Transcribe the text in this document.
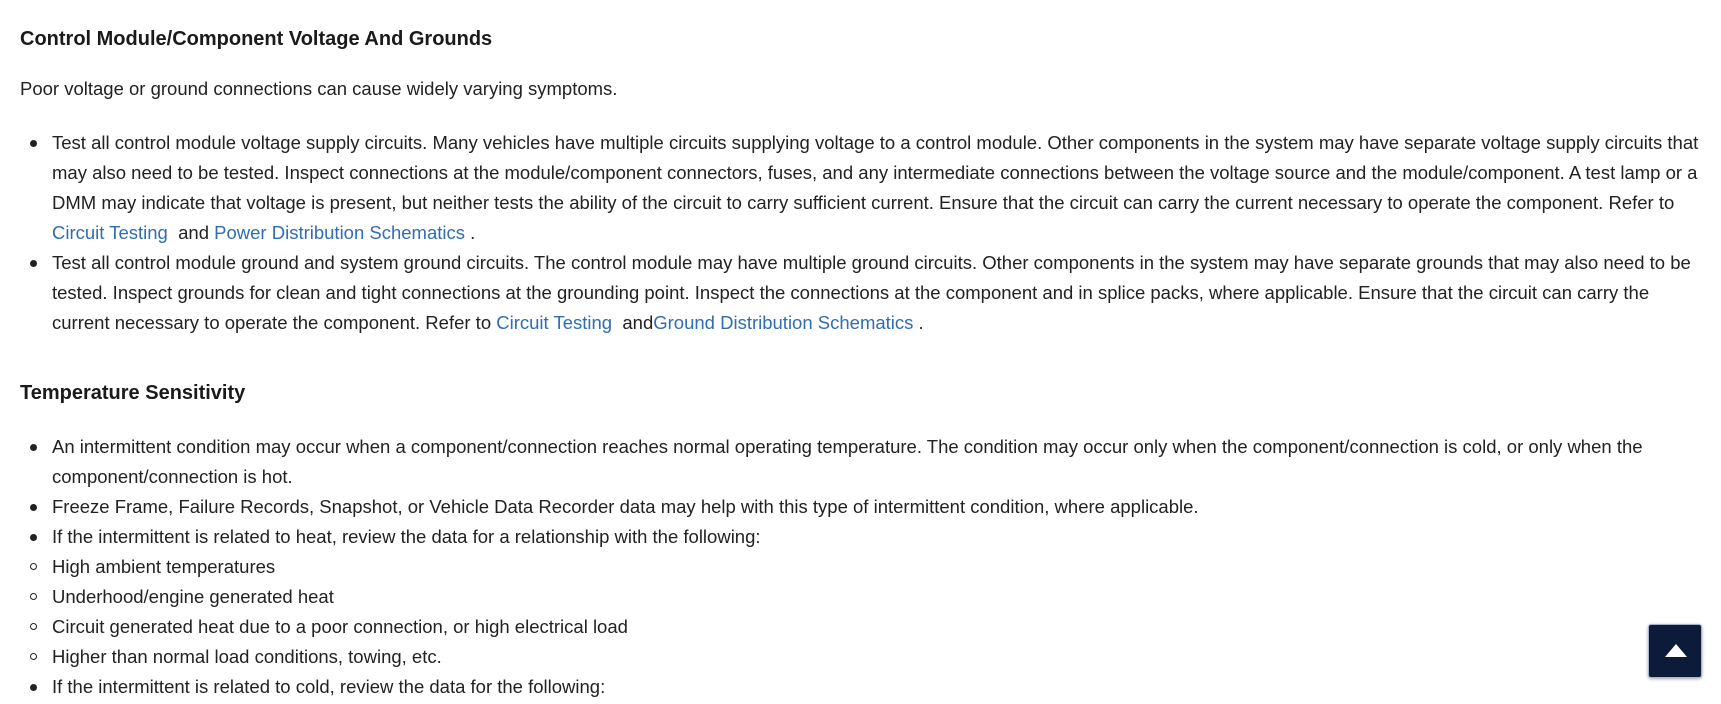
Control Module/Component Voltage And Grounds

Poor voltage or ground connections can cause widely varying symptoms.

Test all control module voltage supply circuits. Many vehicles have multiple circuits supplying voltage to a control module. Other components in the system may have separate voltage supply circuits that may also need to be tested. Inspect connections at the module/component connectors, fuses, and any intermediate connections between the voltage source and the module/component. A test lamp or a DMM may indicate that voltage is present, but neither tests the ability of the circuit to carry sufficient current. Ensure that the circuit can carry the current necessary to operate the component. Refer to Circuit Testing  and Power Distribution Schematics .
Test all control module ground and system ground circuits. The control module may have multiple ground circuits. Other components in the system may have separate grounds that may also need to be tested. Inspect grounds for clean and tight connections at the grounding point. Inspect the connections at the component and in splice packs, where applicable. Ensure that the circuit can carry the current necessary to operate the component. Refer to Circuit Testing  andGround Distribution Schematics .
Temperature Sensitivity
An intermittent condition may occur when a component/connection reaches normal operating temperature. The condition may occur only when the component/connection is cold, or only when the component/connection is hot.
Freeze Frame, Failure Records, Snapshot, or Vehicle Data Recorder data may help with this type of intermittent condition, where applicable.
If the intermittent is related to heat, review the data for a relationship with the following:
High ambient temperatures
Underhood/engine generated heat
Circuit generated heat due to a poor connection, or high electrical load
Higher than normal load conditions, towing, etc.
If the intermittent is related to cold, review the data for the following:
